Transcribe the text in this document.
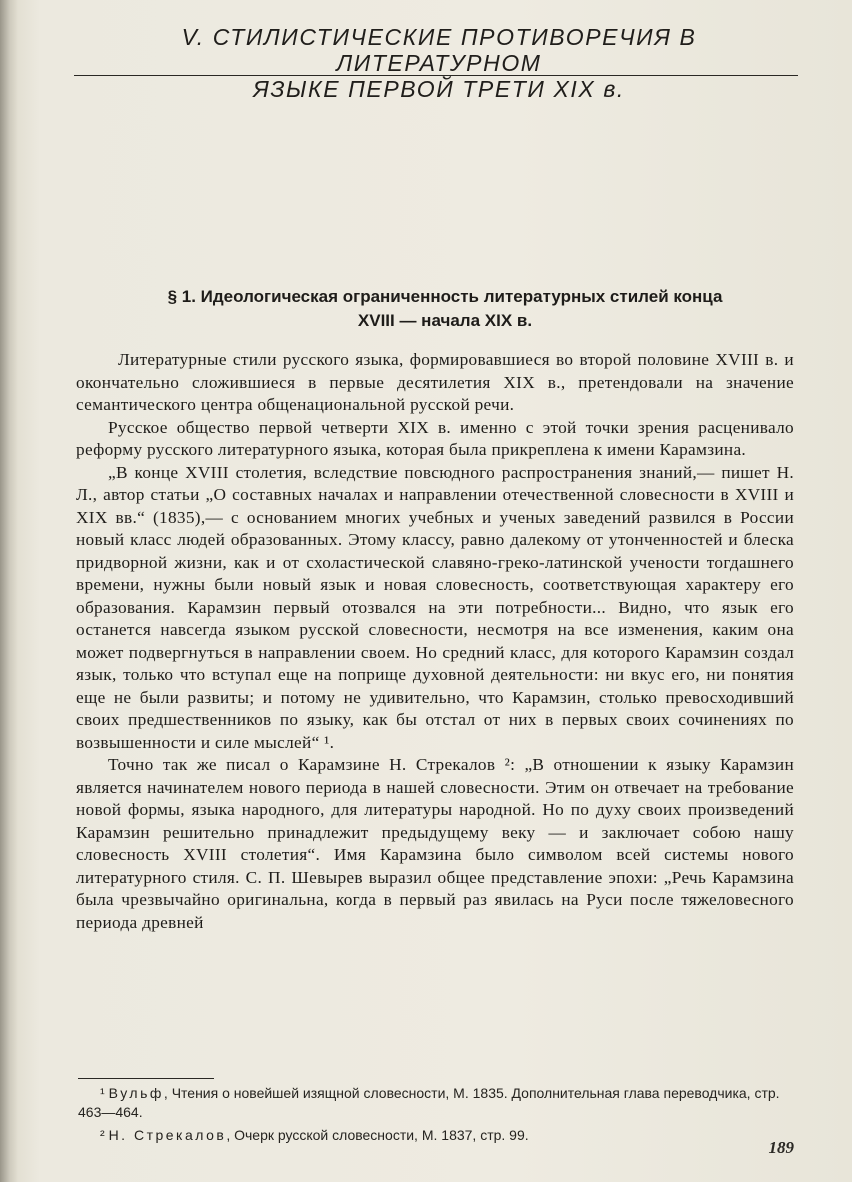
V. СТИЛИСТИЧЕСКИЕ ПРОТИВОРЕЧИЯ В ЛИТЕРАТУРНОМ
ЯЗЫКЕ ПЕРВОЙ ТРЕТИ XIX в.
§ 1. Идеологическая ограниченность литературных стилей конца
XVIII — начала XIX в.

Литературные стили русского языка, формировавшиеся во второй половине XVIII в. и окончательно сложившиеся в первые десятилетия XIX в., претендовали на значение семантического центра общенациональной русской речи.

Русское общество первой четверти XIX в. именно с этой точки зрения расценивало реформу русского литературного языка, которая была прикреплена к имени Карамзина.

„В конце XVIII столетия, вследствие повсюдного распространения знаний,— пишет Н. Л., автор статьи „О составных началах и направлении отечественной словесности в XVIII и XIX вв.“ (1835),— с основанием многих учебных и ученых заведений развился в России новый класс людей образованных. Этому классу, равно далекому от утонченностей и блеска придворной жизни, как и от схоластической славяно-греко-латинской учености тогдашнего времени, нужны были новый язык и новая словесность, соответствующая характеру его образования. Карамзин первый отозвался на эти потребности... Видно, что язык его останется навсегда языком русской словесности, несмотря на все изменения, каким она может подвергнуться в направлении своем. Но средний класс, для которого Карамзин создал язык, только что вступал еще на поприще духовной деятельности: ни вкус его, ни понятия еще не были развиты; и потому не удивительно, что Карамзин, столько превосходивший своих предшественников по языку, как бы отстал от них в первых своих сочинениях по возвышенности и силе мыслей“ ¹.

Точно так же писал о Карамзине Н. Стрекалов ²: „В отношении к языку Карамзин является начинателем нового периода в нашей словесности. Этим он отвечает на требование новой формы, языка народного, для литературы народной. Но по духу своих произведений Карамзин решительно принадлежит предыдущему веку — и заключает собою нашу словесность XVIII столетия“. Имя Карамзина было символом всей системы нового литературного стиля. С. П. Шевырев выразил общее представление эпохи: „Речь Карамзина была чрезвычайно оригинальна, когда в первый раз явилась на Руси после тяжеловесного периода древней

¹ Вульф, Чтения о новейшей изящной словесности, М. 1835. Дополнительная глава переводчика, стр. 463—464.

² Н. Стрекалов, Очерк русской словесности, М. 1837, стр. 99.

189
